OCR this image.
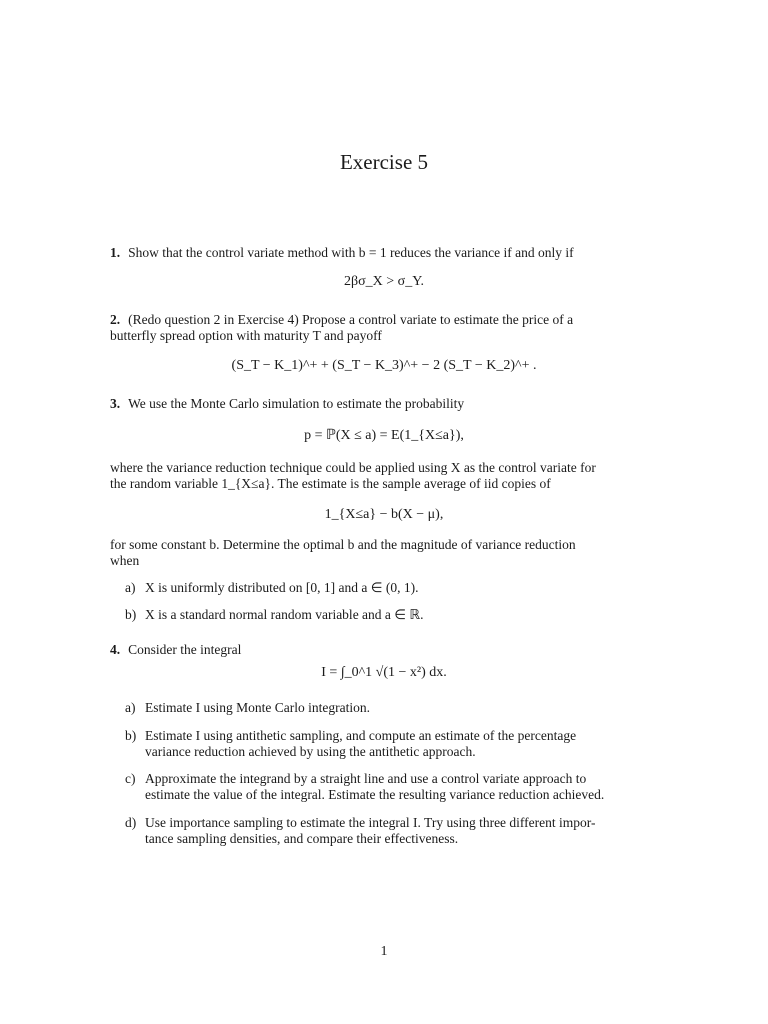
Exercise 5
1. Show that the control variate method with b = 1 reduces the variance if and only if
2βσ_X > σ_Y.
2. (Redo question 2 in Exercise 4) Propose a control variate to estimate the price of a
butterfly spread option with maturity T and payoff
(S_T − K_1)^+ + (S_T − K_3)^+ − 2 (S_T − K_2)^+ .
3. We use the Monte Carlo simulation to estimate the probability
p = ℙ(X ≤ a) = E(1_{X≤a}),
where the variance reduction technique could be applied using X as the control variate for
the random variable 1_{X≤a}. The estimate is the sample average of iid copies of
1_{X≤a} − b(X − μ),
for some constant b. Determine the optimal b and the magnitude of variance reduction
when
a) X is uniformly distributed on [0, 1] and a ∈ (0, 1).
b) X is a standard normal random variable and a ∈ ℝ.
4. Consider the integral
I = ∫_0^1 √(1 − x²) dx.
a) Estimate I using Monte Carlo integration.
b) Estimate I using antithetic sampling, and compute an estimate of the percentage
variance reduction achieved by using the antithetic approach.
c) Approximate the integrand by a straight line and use a control variate approach to
estimate the value of the integral. Estimate the resulting variance reduction achieved.
d) Use importance sampling to estimate the integral I. Try using three different impor-
tance sampling densities, and compare their effectiveness.
1
